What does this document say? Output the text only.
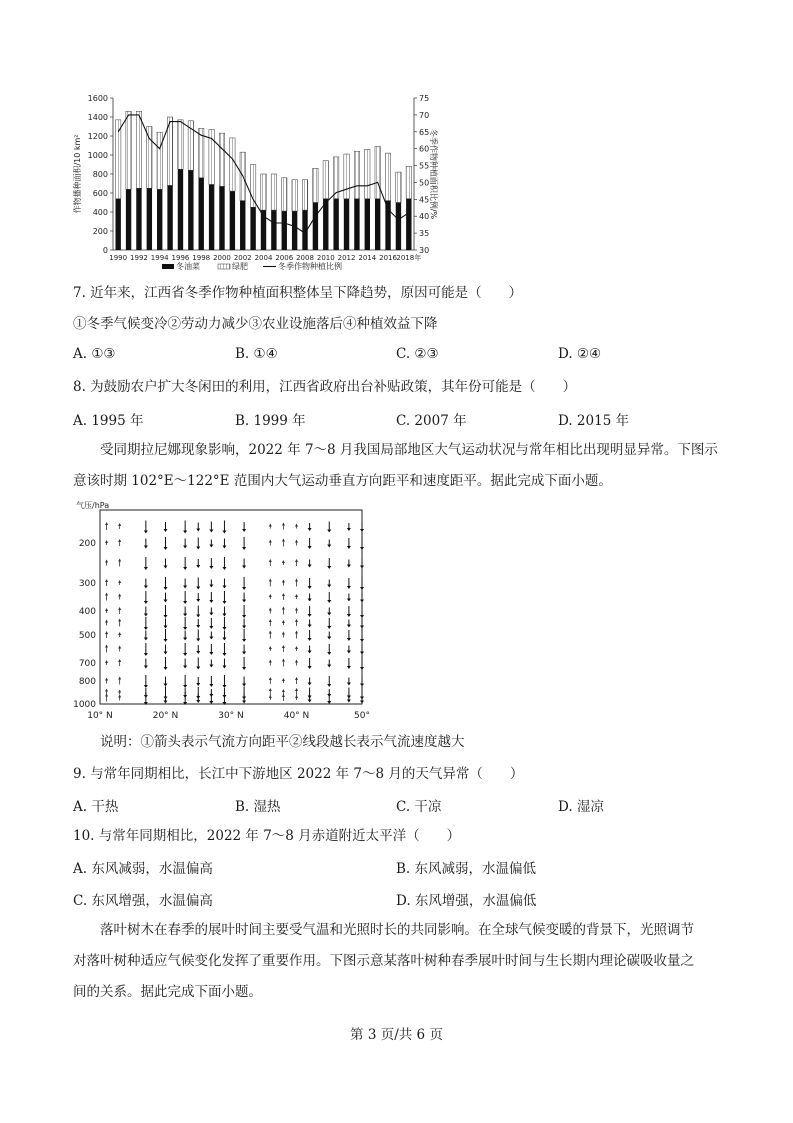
0
200
400
600
800
1000
1200
1400
1600
30
35
40
45
50
55
60
65
70
75
1990 1992 1994 1996 1998 2000 2002 2004 2006 2008 2010 2012 2014 2016 2018年
作物播种面积/10 km²	冬季作物种植面积比例/%
冬油菜	绿肥	冬季作物种植比例
7. 近年来，江西省冬季作物种植面积整体呈下降趋势，原因可能是（　　）
①冬季气候变冷②劳动力减少③农业设施落后④种植效益下降
A. ①③	B. ①④	C. ②③	D. ②④
8. 为鼓励农户扩大冬闲田的利用，江西省政府出台补贴政策，其年份可能是（　　）
A. 1995 年	B. 1999 年	C. 2007 年	D. 2015 年
受同期拉尼娜现象影响，2022 年 7～8 月我国局部地区大气运动状况与常年相比出现明显异常。下图示
意该时期 102°E～122°E 范围内大气运动垂直方向距平和速度距平。据此完成下面小题。
气压/hPa
200
300
400
500
700
800
1000
10° N	20° N	30° N	40° N	50°
说明：①箭头表示气流方向距平②线段越长表示气流速度越大
9. 与常年同期相比，长江中下游地区 2022 年 7～8 月的天气异常（　　）
A. 干热	B. 湿热	C. 干凉	D. 湿凉
10. 与常年同期相比，2022 年 7～8 月赤道附近太平洋（　　）
A. 东风减弱，水温偏高	B. 东风减弱，水温偏低
C. 东风增强，水温偏高	D. 东风增强，水温偏低
落叶树木在春季的展叶时间主要受气温和光照时长的共同影响。在全球气候变暖的背景下，光照调节
对落叶树种适应气候变化发挥了重要作用。下图示意某落叶树种春季展叶时间与生长期内理论碳吸收量之
间的关系。据此完成下面小题。
第 3 页/共 6 页
